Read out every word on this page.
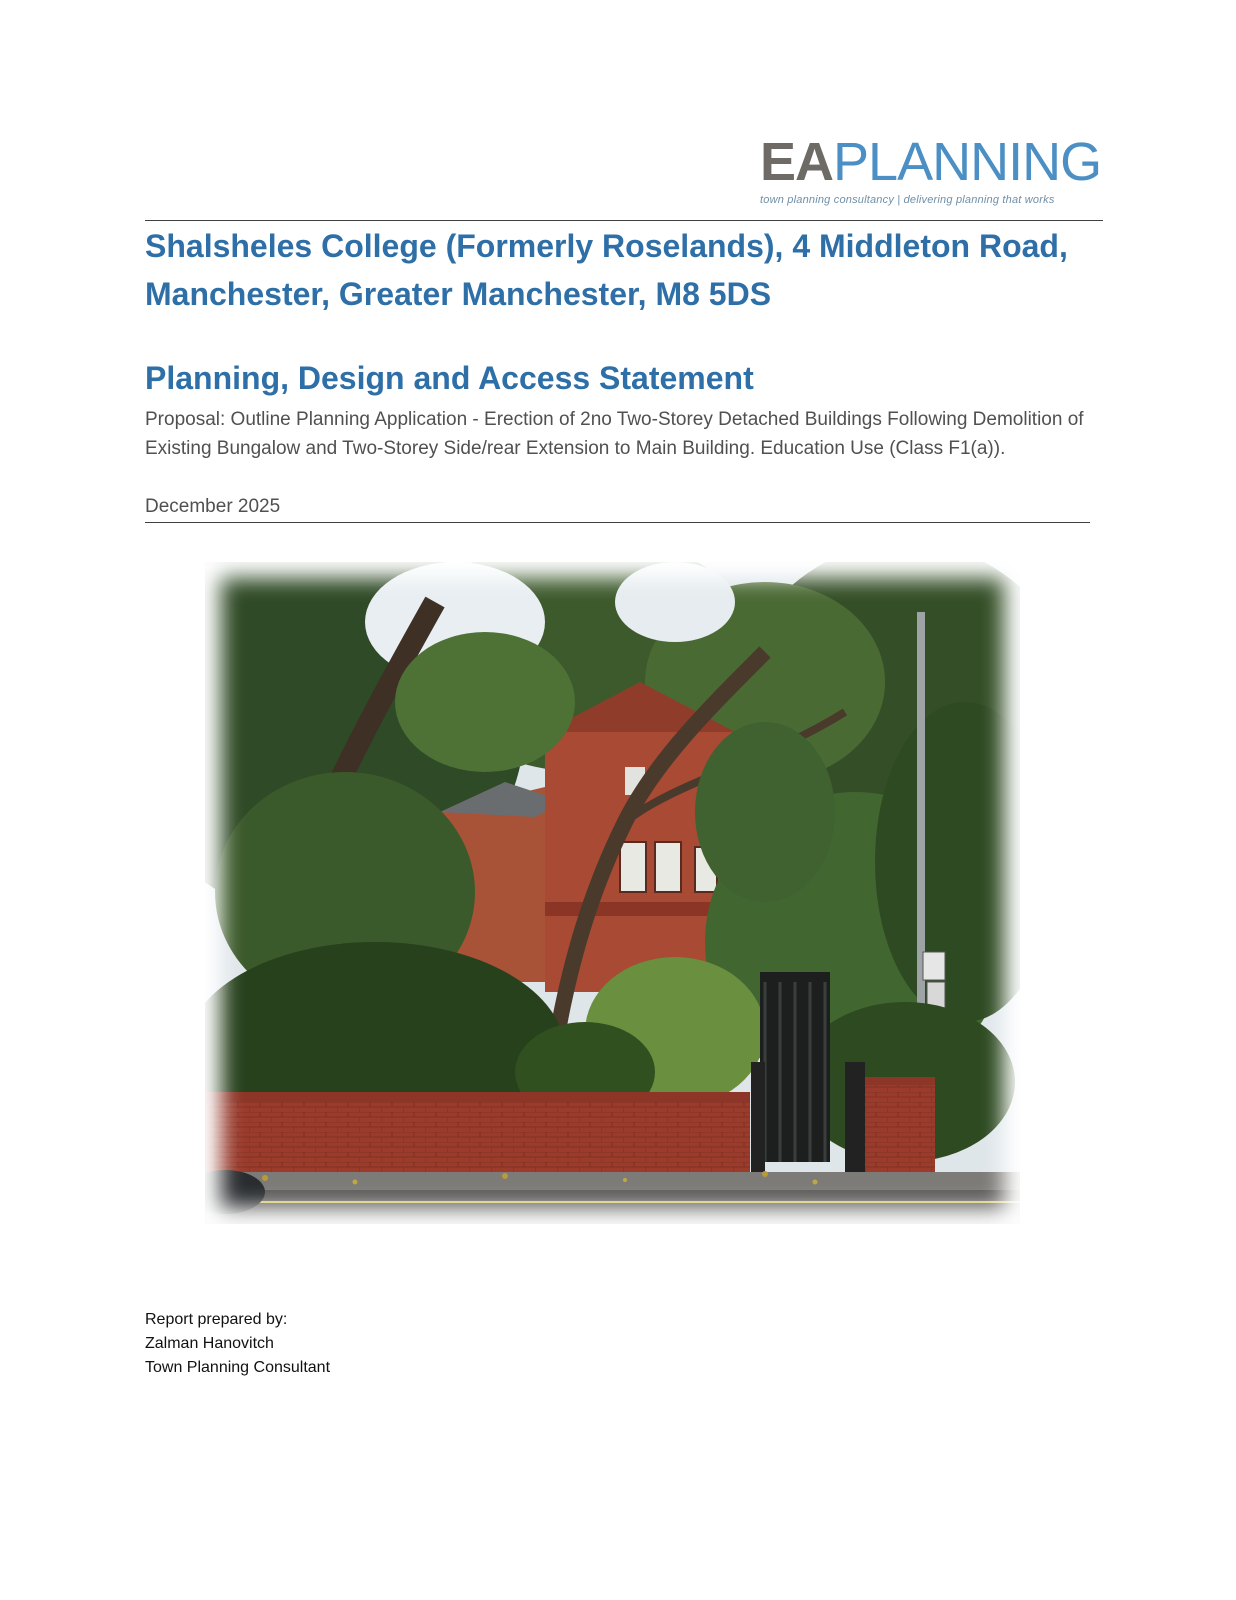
EAPLANNING
town planning consultancy | delivering planning that works
Shalsheles College (Formerly Roselands), 4 Middleton Road,
Manchester, Greater Manchester, M8 5DS
Planning, Design and Access Statement

Proposal: Outline Planning Application - Erection of 2no Two-Storey Detached Buildings Following Demolition of Existing Bungalow and Two-Storey Side/rear Extension to Main Building. Education Use (Class F1(a)).

December 2025
Report prepared by:
Zalman Hanovitch
Town Planning Consultant
